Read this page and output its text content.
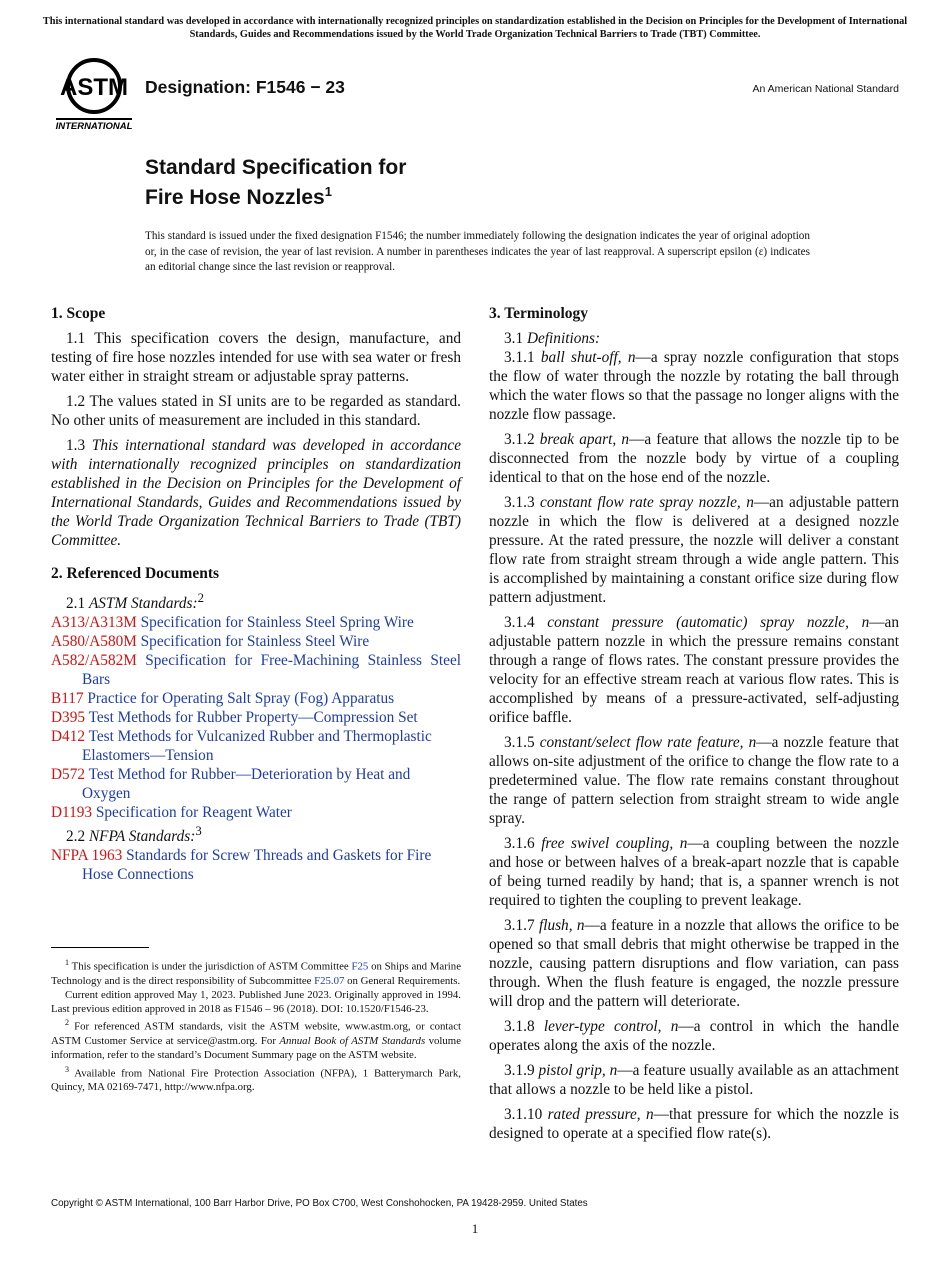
This international standard was developed in accordance with internationally recognized principles on standardization established in the Decision on Principles for the Development of International Standards, Guides and Recommendations issued by the World Trade Organization Technical Barriers to Trade (TBT) Committee.
ASTM
INTERNATIONAL
Designation: F1546 − 23	An American National Standard
Standard Specification for
Fire Hose Nozzles$^1$
This standard is issued under the fixed designation F1546; the number immediately following the designation indicates the year of original adoption or, in the case of revision, the year of last revision. A number in parentheses indicates the year of last reapproval. A superscript epsilon (ε) indicates an editorial change since the last revision or reapproval.
1. Scope

1.1 This specification covers the design, manufacture, and testing of fire hose nozzles intended for use with sea water or fresh water either in straight stream or adjustable spray patterns.

1.2 The values stated in SI units are to be regarded as standard. No other units of measurement are included in this standard.

1.3 This international standard was developed in accordance with internationally recognized principles on standardization established in the Decision on Principles for the Development of International Standards, Guides and Recommendations issued by the World Trade Organization Technical Barriers to Trade (TBT) Committee.

2. Referenced Documents
2.1 ASTM Standards:$^2$
A313/A313M Specification for Stainless Steel Spring Wire
A580/A580M Specification for Stainless Steel Wire
A582/A582M Specification for Free-Machining Stainless Steel Bars
B117 Practice for Operating Salt Spray (Fog) Apparatus
D395 Test Methods for Rubber Property—Compression Set
D412 Test Methods for Vulcanized Rubber and Thermoplastic Elastomers—Tension
D572 Test Method for Rubber—Deterioration by Heat and Oxygen
D1193 Specification for Reagent Water
2.2 NFPA Standards:$^3$
NFPA 1963 Standards for Screw Threads and Gaskets for Fire Hose Connections

$^1$ This specification is under the jurisdiction of ASTM Committee F25 on Ships and Marine Technology and is the direct responsibility of Subcommittee F25.07 on General Requirements.

Current edition approved May 1, 2023. Published June 2023. Originally approved in 1994. Last previous edition approved in 2018 as F1546 – 96 (2018). DOI: 10.1520/F1546-23.

$^2$ For referenced ASTM standards, visit the ASTM website, www.astm.org, or contact ASTM Customer Service at service@astm.org. For Annual Book of ASTM Standards volume information, refer to the standard’s Document Summary page on the ASTM website.

$^3$ Available from National Fire Protection Association (NFPA), 1 Batterymarch Park, Quincy, MA 02169-7471, http://www.nfpa.org.

3. Terminology
3.1 Definitions:

3.1.1 ball shut-off, n—a spray nozzle configuration that stops the flow of water through the nozzle by rotating the ball through which the water flows so that the passage no longer aligns with the nozzle flow passage.

3.1.2 break apart, n—a feature that allows the nozzle tip to be disconnected from the nozzle body by virtue of a coupling identical to that on the hose end of the nozzle.

3.1.3 constant flow rate spray nozzle, n—an adjustable pattern nozzle in which the flow is delivered at a designed nozzle pressure. At the rated pressure, the nozzle will deliver a constant flow rate from straight stream through a wide angle pattern. This is accomplished by maintaining a constant orifice size during flow pattern adjustment.

3.1.4 constant pressure (automatic) spray nozzle, n—an adjustable pattern nozzle in which the pressure remains constant through a range of flows rates. The constant pressure provides the velocity for an effective stream reach at various flow rates. This is accomplished by means of a pressure-activated, self-adjusting orifice baffle.

3.1.5 constant/select flow rate feature, n—a nozzle feature that allows on-site adjustment of the orifice to change the flow rate to a predetermined value. The flow rate remains constant throughout the range of pattern selection from straight stream to wide angle spray.

3.1.6 free swivel coupling, n—a coupling between the nozzle and hose or between halves of a break-apart nozzle that is capable of being turned readily by hand; that is, a spanner wrench is not required to tighten the coupling to prevent leakage.

3.1.7 flush, n—a feature in a nozzle that allows the orifice to be opened so that small debris that might otherwise be trapped in the nozzle, causing pattern disruptions and flow variation, can pass through. When the flush feature is engaged, the nozzle pressure will drop and the pattern will deteriorate.

3.1.8 lever-type control, n—a control in which the handle operates along the axis of the nozzle.

3.1.9 pistol grip, n—a feature usually available as an attachment that allows a nozzle to be held like a pistol.

3.1.10 rated pressure, n—that pressure for which the nozzle is designed to operate at a specified flow rate(s).

Copyright © ASTM International, 100 Barr Harbor Drive, PO Box C700, West Conshohocken, PA 19428-2959. United States
1
